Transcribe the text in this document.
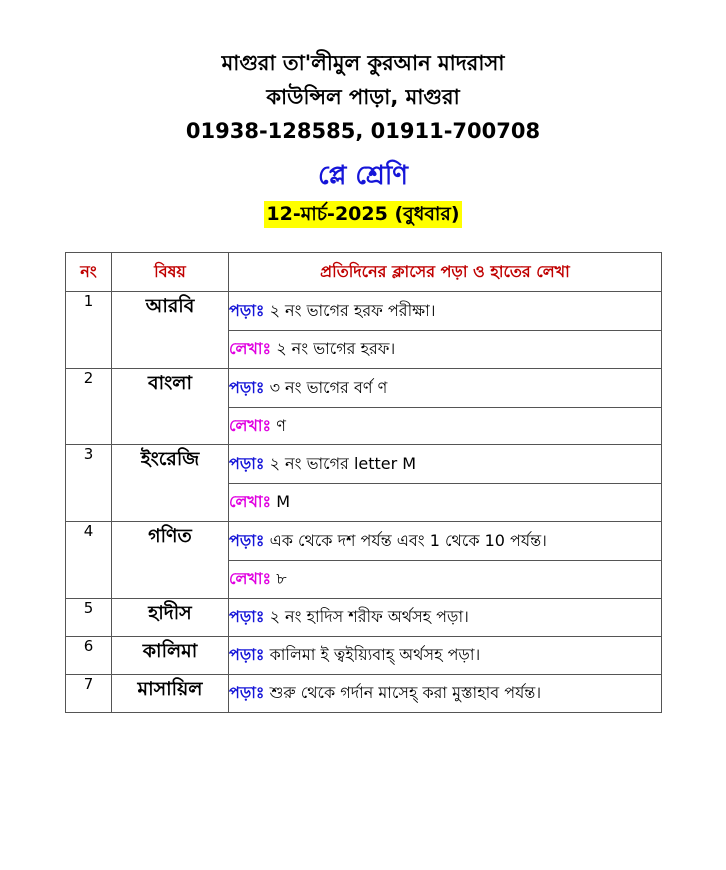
মাগুরা তা'লীমুল কুরআন মাদরাসা
কাউন্সিল পাড়া, মাগুরা
01938-128585, 01911-700708
প্লে শ্রেণি
12-মার্চ-2025 (বুধবার)
নং	বিষয়	প্রতিদিনের ক্লাসের পড়া ও হাতের লেখা
1	আরবি	পড়াঃ ২ নং ভাগের হরফ পরীক্ষা।
		লেখাঃ ২ নং ভাগের হরফ।
2	বাংলা	পড়াঃ ৩ নং ভাগের বর্ণ ণ
		লেখাঃ ণ
3	ইংরেজি	পড়াঃ ২ নং ভাগের letter M
		লেখাঃ M
4	গণিত	পড়াঃ এক থেকে দশ পর্যন্ত এবং 1 থেকে 10 পর্যন্ত।
		লেখাঃ ৮
5	হাদীস	পড়াঃ ২ নং হাদিস শরীফ অর্থসহ পড়া।
6	কালিমা	পড়াঃ কালিমা ই ত্বইয়্যিবাহ্ অর্থসহ পড়া।
7	মাসায়িল	পড়াঃ শুরু থেকে গর্দান মাসেহ্ করা মুস্তাহাব পর্যন্ত।
